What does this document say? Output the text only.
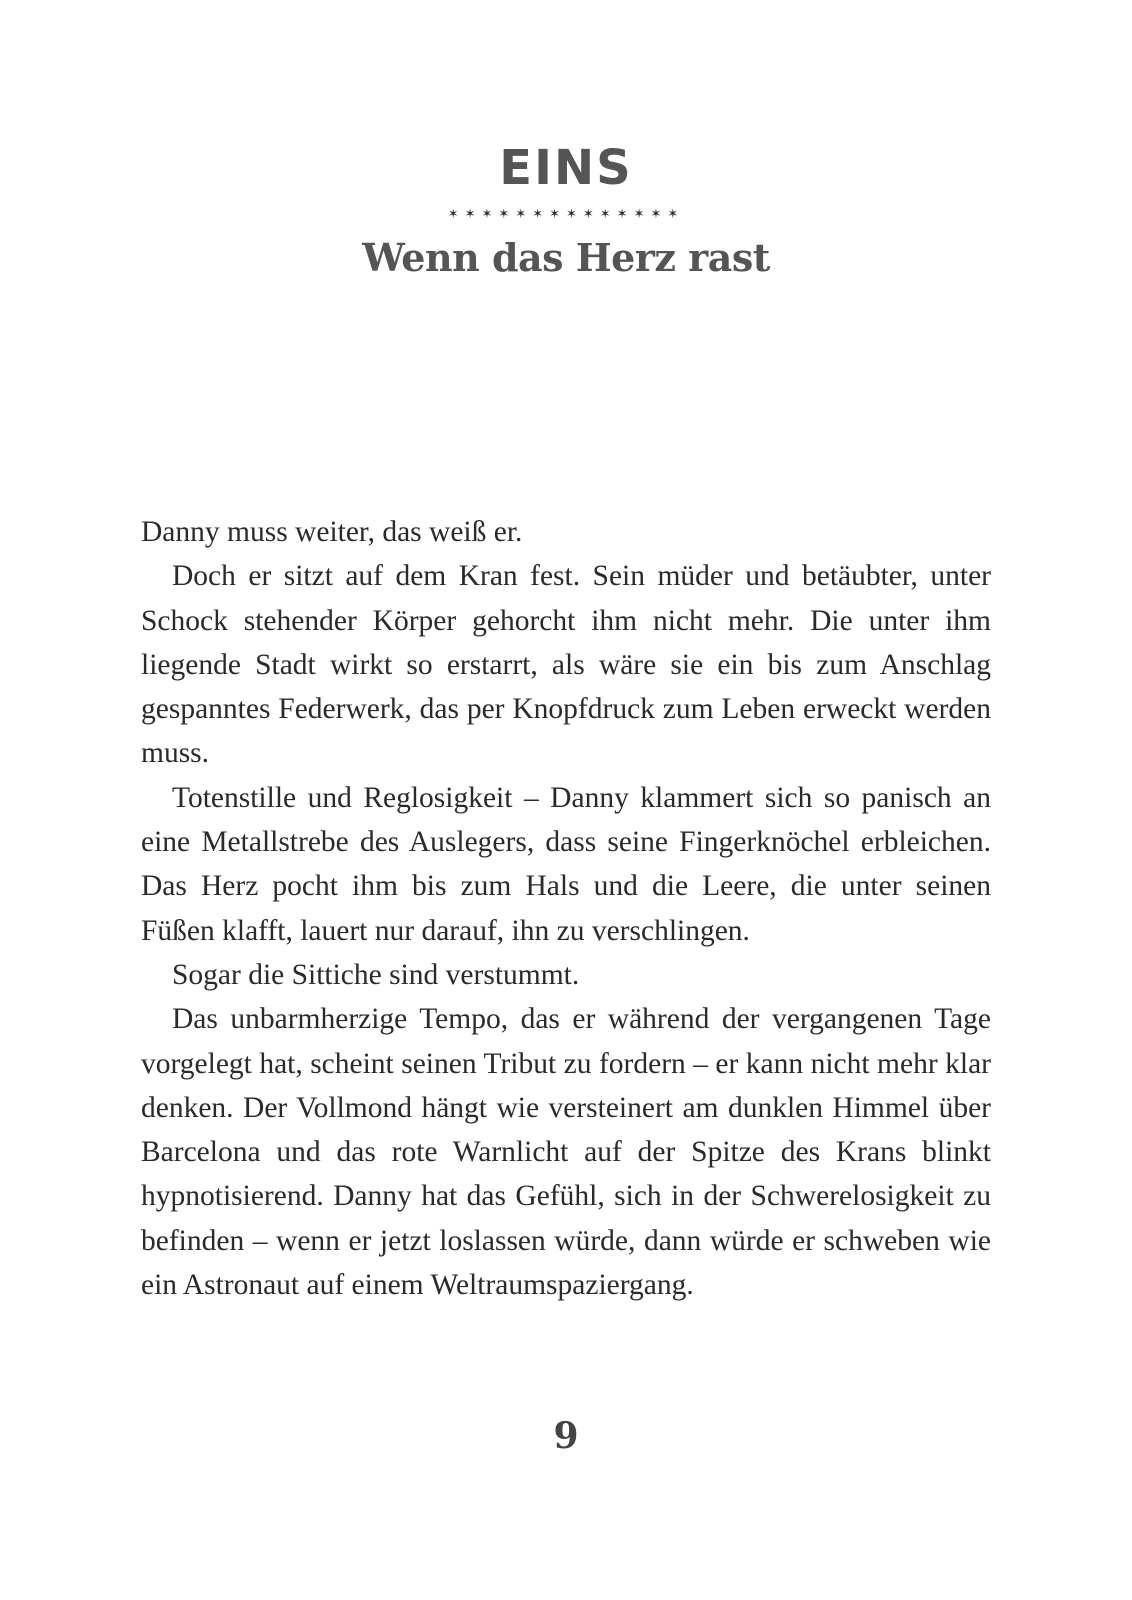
EINS
✶✶✶✶✶✶✶✶✶✶✶✶✶✶
Wenn das Herz rast

Danny muss weiter, das weiß er.

Doch er sitzt auf dem Kran fest. Sein müder und betäubter, unter Schock stehender Körper gehorcht ihm nicht mehr. Die unter ihm liegende Stadt wirkt so erstarrt, als wäre sie ein bis zum Anschlag gespanntes Federwerk, das per Knopfdruck zum Leben erweckt werden muss.

Totenstille und Reglosigkeit – Danny klammert sich so panisch an eine Metallstrebe des Auslegers, dass seine Fingerknöchel erbleichen. Das Herz pocht ihm bis zum Hals und die Leere, die unter seinen Füßen klafft, lauert nur darauf, ihn zu verschlingen.

Sogar die Sittiche sind verstummt.

Das unbarmherzige Tempo, das er während der vergangenen Tage vorgelegt hat, scheint seinen Tribut zu fordern – er kann nicht mehr klar denken. Der Vollmond hängt wie versteinert am dunklen Himmel über Barcelona und das rote Warnlicht auf der Spitze des Krans blinkt hypnotisierend. Danny hat das Gefühl, sich in der Schwerelosigkeit zu befinden – wenn er jetzt loslassen würde, dann würde er schweben wie ein Astronaut auf einem Weltraumspaziergang.

9
